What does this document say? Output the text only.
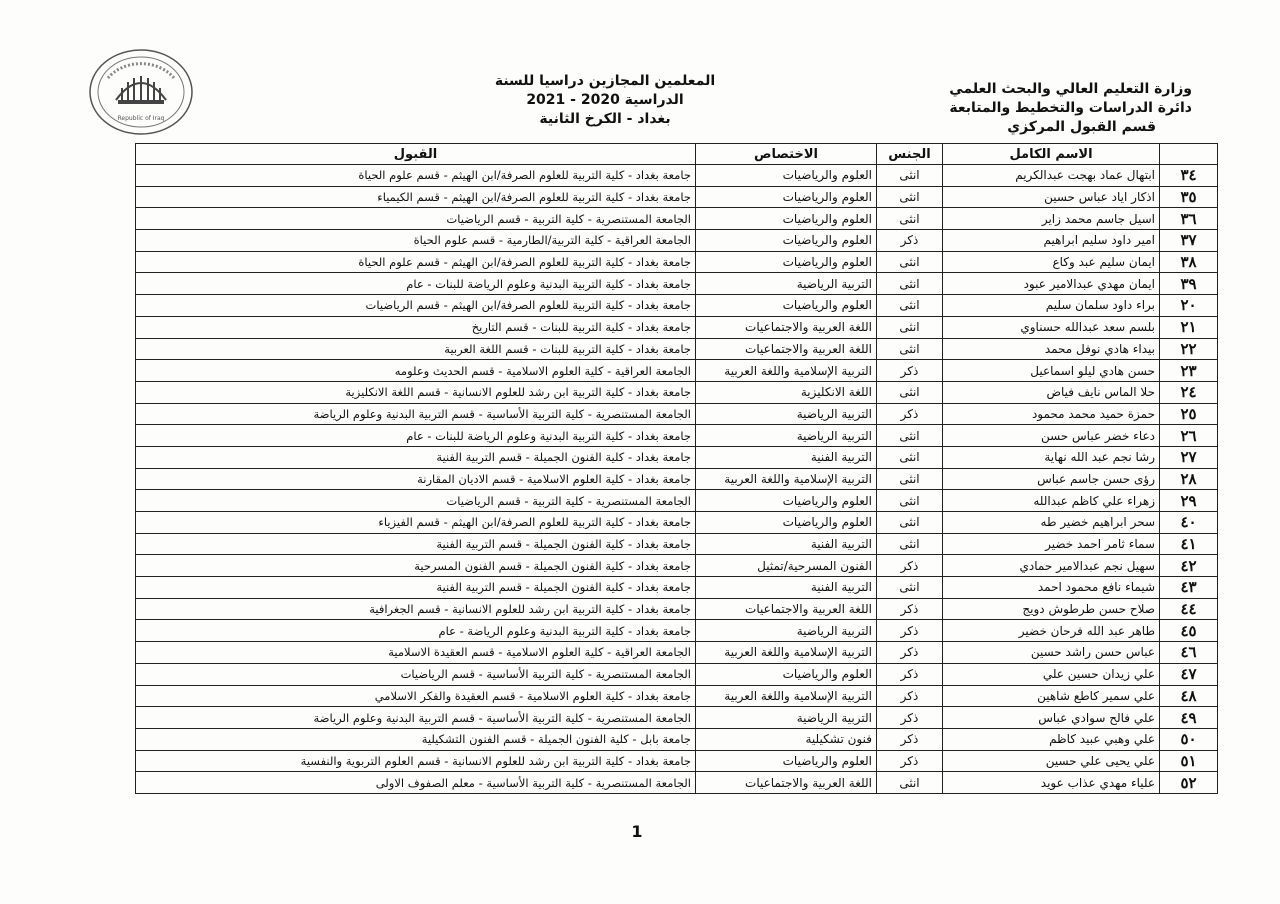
وزارة التعليم العالي والبحث العلمي
دائرة الدراسات والتخطيط والمتابعة
قسم القبول المركزي
المعلمين المجازين دراسيا للسنة
الدراسية 2020 - 2021
بغداد - الكرخ الثانية
Republic of Iraq
	الاسم الكامل	الجنس	الاختصاص	القبول
٣٤	ابتهال عماد بهجت عبدالكريم	انثى	العلوم والرياضيات	جامعة بغداد - كلية التربية للعلوم الصرفة/ابن الهيثم - قسم علوم الحياة
٣٥	اذكار اياد عباس حسين	انثى	العلوم والرياضيات	جامعة بغداد - كلية التربية للعلوم الصرفة/ابن الهيثم - قسم الكيمياء
٣٦	اسيل جاسم محمد زاير	انثى	العلوم والرياضيات	الجامعة المستنصرية - كلية التربية - قسم الرياضيات
٣٧	امير داود سليم ابراهيم	ذكر	العلوم والرياضيات	الجامعة العراقية - كلية التربية/الطارمية - قسم علوم الحياة
٣٨	ايمان سليم عبد وكاع	انثى	العلوم والرياضيات	جامعة بغداد - كلية التربية للعلوم الصرفة/ابن الهيثم - قسم علوم الحياة
٣٩	ايمان مهدي عبدالامير عبود	انثى	التربية الرياضية	جامعة بغداد - كلية التربية البدنية وعلوم الرياضة للبنات - عام
٢٠	براء داود سلمان سليم	انثى	العلوم والرياضيات	جامعة بغداد - كلية التربية للعلوم الصرفة/ابن الهيثم - قسم الرياضيات
٢١	بلسم سعد عبدالله حسناوي	انثى	اللغة العربية والاجتماعيات	جامعة بغداد - كلية التربية للبنات - قسم التاريخ
٢٢	بيداء هادي نوفل محمد	انثى	اللغة العربية والاجتماعيات	جامعة بغداد - كلية التربية للبنات - قسم اللغة العربية
٢٣	حسن هادي ليلو اسماعيل	ذكر	التربية الإسلامية واللغة العربية	الجامعة العراقية - كلية العلوم الاسلامية - قسم الحديث وعلومه
٢٤	حلا الماس نايف فياض	انثى	اللغة الانكليزية	جامعة بغداد - كلية التربية ابن رشد للعلوم الانسانية - قسم اللغة الانكليزية
٢٥	حمزة حميد محمد محمود	ذكر	التربية الرياضية	الجامعة المستنصرية - كلية التربية الأساسية - قسم التربية البدنية وعلوم الرياضة
٢٦	دعاء خضر عباس حسن	انثى	التربية الرياضية	جامعة بغداد - كلية التربية البدنية وعلوم الرياضة للبنات - عام
٢٧	رشا نجم عبد الله نهاية	انثى	التربية الفنية	جامعة بغداد - كلية الفنون الجميلة - قسم التربية الفنية
٢٨	رؤى حسن جاسم عباس	انثى	التربية الإسلامية واللغة العربية	جامعة بغداد - كلية العلوم الاسلامية - قسم الاديان المقارنة
٢٩	زهراء علي كاظم عبدالله	انثى	العلوم والرياضيات	الجامعة المستنصرية - كلية التربية - قسم الرياضيات
٤٠	سحر ابراهيم خضير طه	انثى	العلوم والرياضيات	جامعة بغداد - كلية التربية للعلوم الصرفة/ابن الهيثم - قسم الفيزياء
٤١	سماء ثامر احمد خضير	انثى	التربية الفنية	جامعة بغداد - كلية الفنون الجميلة - قسم التربية الفنية
٤٢	سهيل نجم عبدالامير حمادي	ذكر	الفنون المسرحية/تمثيل	جامعة بغداد - كلية الفنون الجميلة - قسم الفنون المسرحية
٤٣	شيماء نافع محمود احمد	انثى	التربية الفنية	جامعة بغداد - كلية الفنون الجميلة - قسم التربية الفنية
٤٤	صلاح حسن طرطوش دويج	ذكر	اللغة العربية والاجتماعيات	جامعة بغداد - كلية التربية ابن رشد للعلوم الانسانية - قسم الجغرافية
٤٥	طاهر عبد الله فرحان خضير	ذكر	التربية الرياضية	جامعة بغداد - كلية التربية البدنية وعلوم الرياضة - عام
٤٦	عباس حسن راشد حسين	ذكر	التربية الإسلامية واللغة العربية	الجامعة العراقية - كلية العلوم الاسلامية - قسم العقيدة الاسلامية
٤٧	علي زيدان حسين علي	ذكر	العلوم والرياضيات	الجامعة المستنصرية - كلية التربية الأساسية - قسم الرياضيات
٤٨	علي سمير كاطع شاهين	ذكر	التربية الإسلامية واللغة العربية	جامعة بغداد - كلية العلوم الاسلامية - قسم العقيدة والفكر الاسلامي
٤٩	علي فالح سوادي عباس	ذكر	التربية الرياضية	الجامعة المستنصرية - كلية التربية الأساسية - قسم التربية البدنية وعلوم الرياضة
٥٠	علي وهبي عبيد كاظم	ذكر	فنون تشكيلية	جامعة بابل - كلية الفنون الجميلة - قسم الفنون التشكيلية
٥١	علي يحيى علي حسين	ذكر	العلوم والرياضيات	جامعة بغداد - كلية التربية ابن رشد للعلوم الانسانية - قسم العلوم التربوية والنفسية
٥٢	علياء مهدي عذاب عويد	انثى	اللغة العربية والاجتماعيات	الجامعة المستنصرية - كلية التربية الأساسية - معلم الصفوف الاولى
1
